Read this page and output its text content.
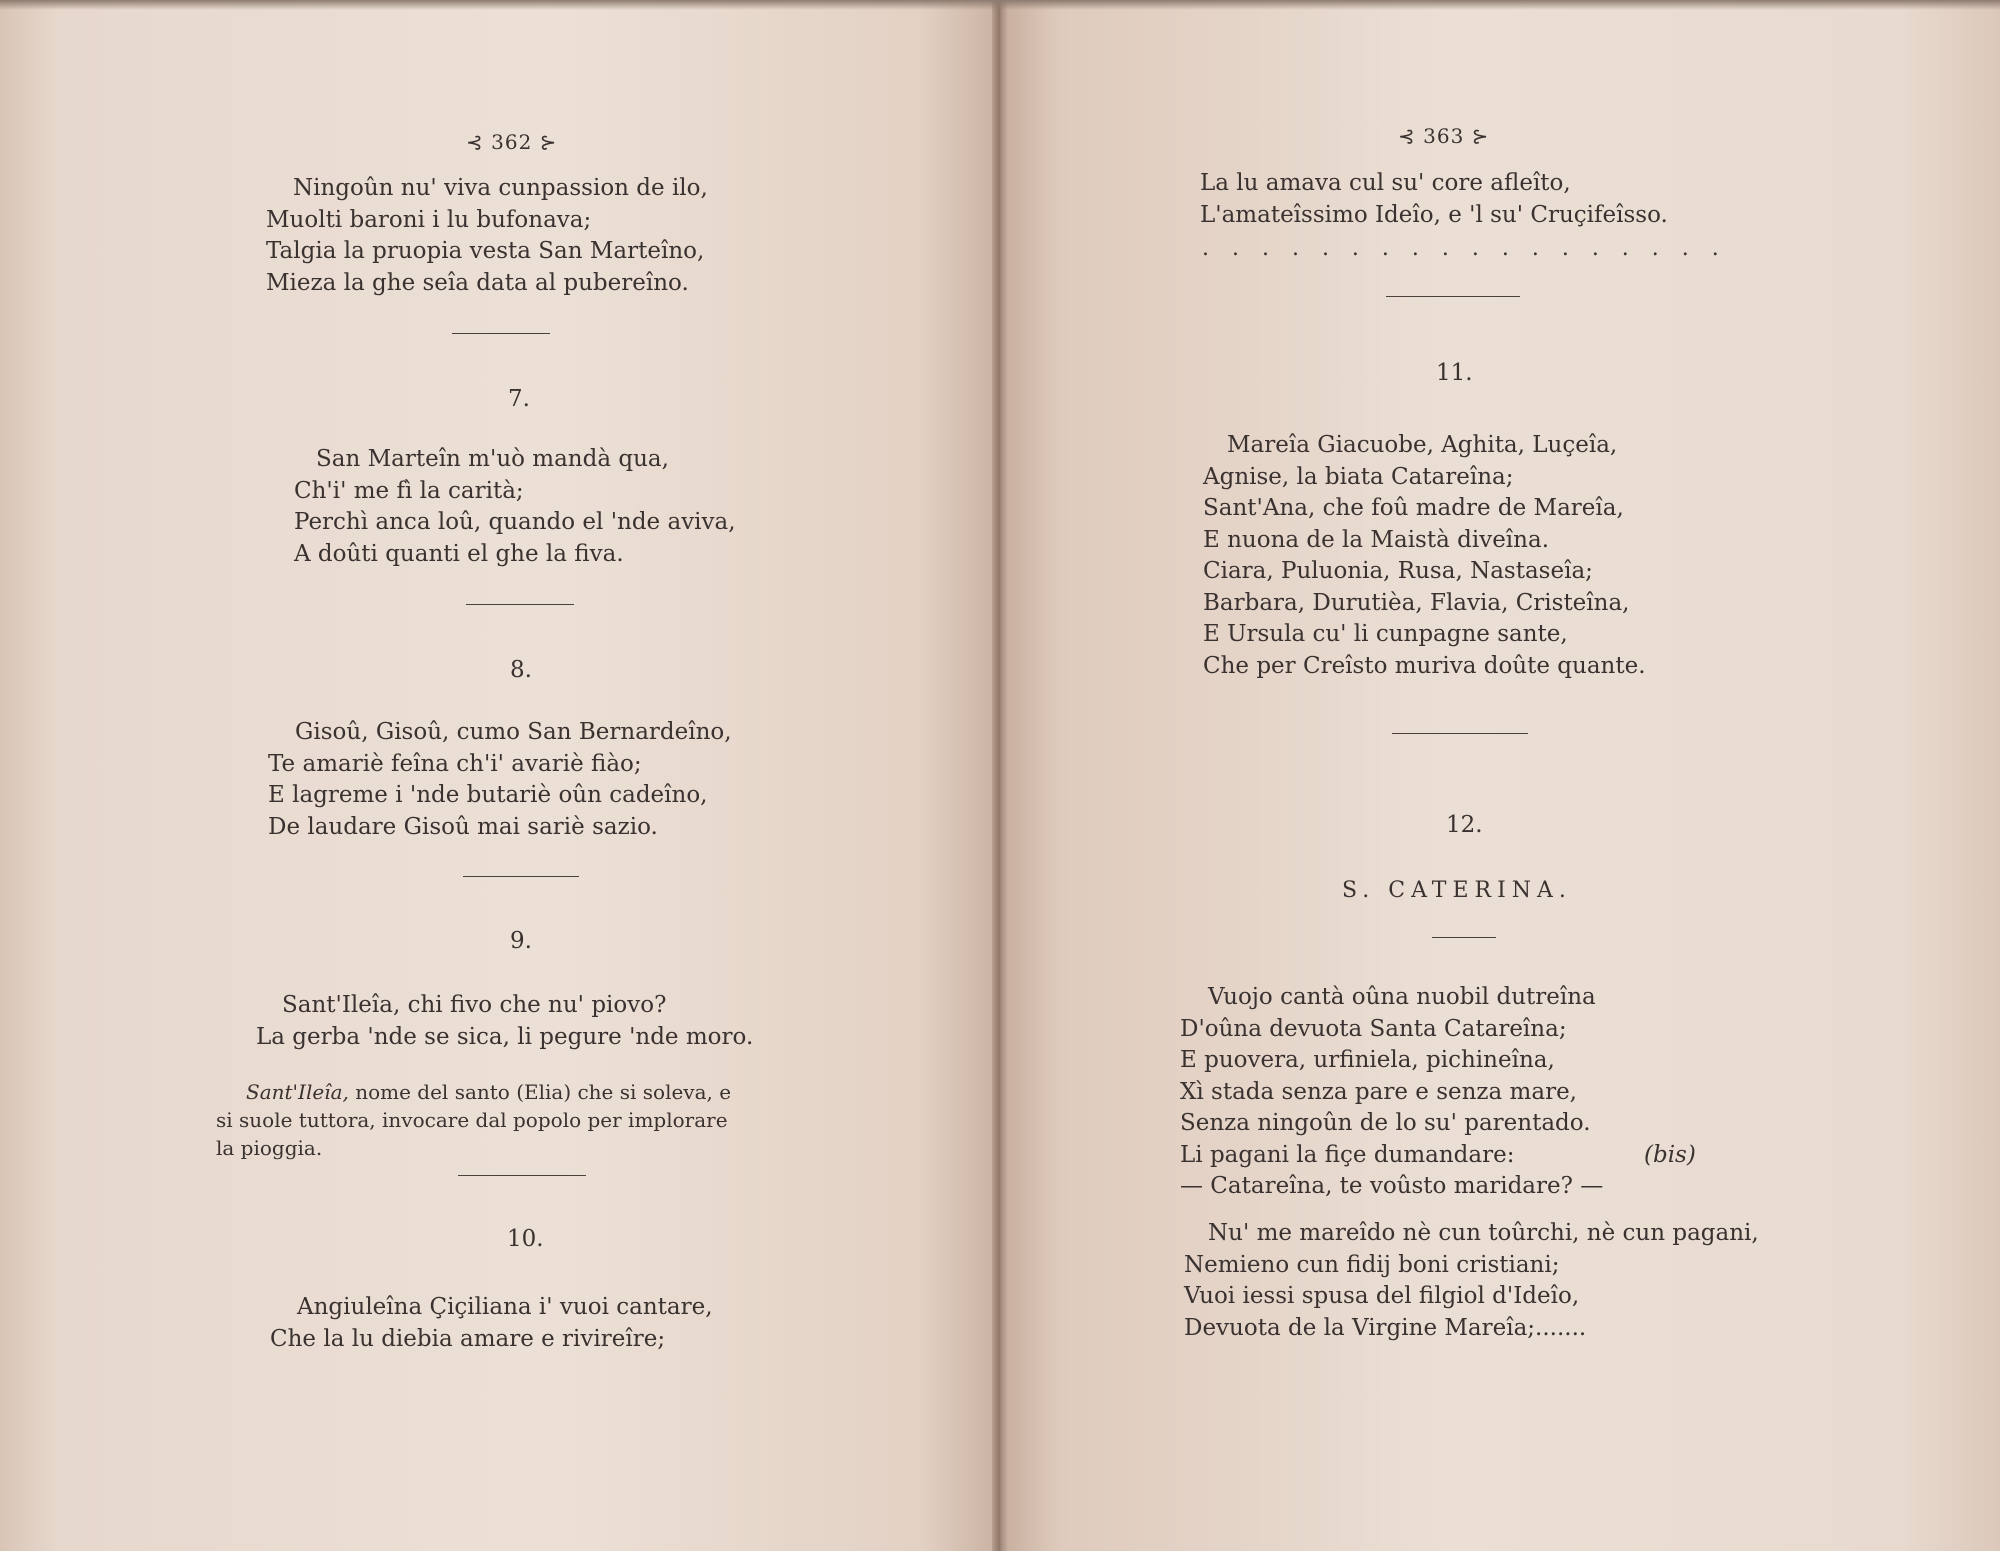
⊰ 362 ⊱
Ningoûn nu' viva cunpassion de ilo,
Muolti baroni i lu bufonava;
Talgia la pruopia vesta San Marteîno,
Mieza la ghe seîa data al pubereîno.
7.
San Marteîn m'uò mandà qua,
Ch'i' me fì la carità;
Perchì anca loû, quando el 'nde aviva,
A doûti quanti el ghe la fiva.
8.
Gisoû, Gisoû, cumo San Bernardeîno,
Te amariè feîna ch'i' avariè fiào;
E lagreme i 'nde butariè oûn cadeîno,
De laudare Gisoû mai sariè sazio.
9.
Sant'Ileîa, chi fivo che nu' piovo?
La gerba 'nde se sica, li pegure 'nde moro.
Sant'Ileîa, nome del santo (Elia) che si soleva, e
si suole tuttora, invocare dal popolo per implorare
la pioggia.
10.
Angiuleîna Çiçiliana i' vuoi cantare,
Che la lu diebia amare e rivireîre;
⊰ 363 ⊱
La lu amava cul su' core afleîto,
L'amateîssimo Ideîo, e 'l su' Cruçifeîsso.
. . . . . . . . . . . . . . . . . .
11.
Mareîa Giacuobe, Aghita, Luçeîa,
Agnise, la biata Catareîna;
Sant'Ana, che foû madre de Mareîa,
E nuona de la Maistà diveîna.
Ciara, Puluonia, Rusa, Nastaseîa;
Barbara, Durutièa, Flavia, Cristeîna,
E Ursula cu' li cunpagne sante,
Che per Creîsto muriva doûte quante.
12.
S. CATERINA.
Vuojo cantà oûna nuobil dutreîna
D'oûna devuota Santa Catareîna;
E puovera, urfiniela, pichineîna,
Xì stada senza pare e senza mare,
Senza ningoûn de lo su' parentado.
Li pagani la fiçe dumandare:
— Catareîna, te voûsto maridare? —
(bis)
Nu' me mareîdo nè cun toûrchi, nè cun pagani,
Nemieno cun fidij boni cristiani;
Vuoi iessi spusa del filgiol d'Ideîo,
Devuota de la Virgine Mareîa;.......
